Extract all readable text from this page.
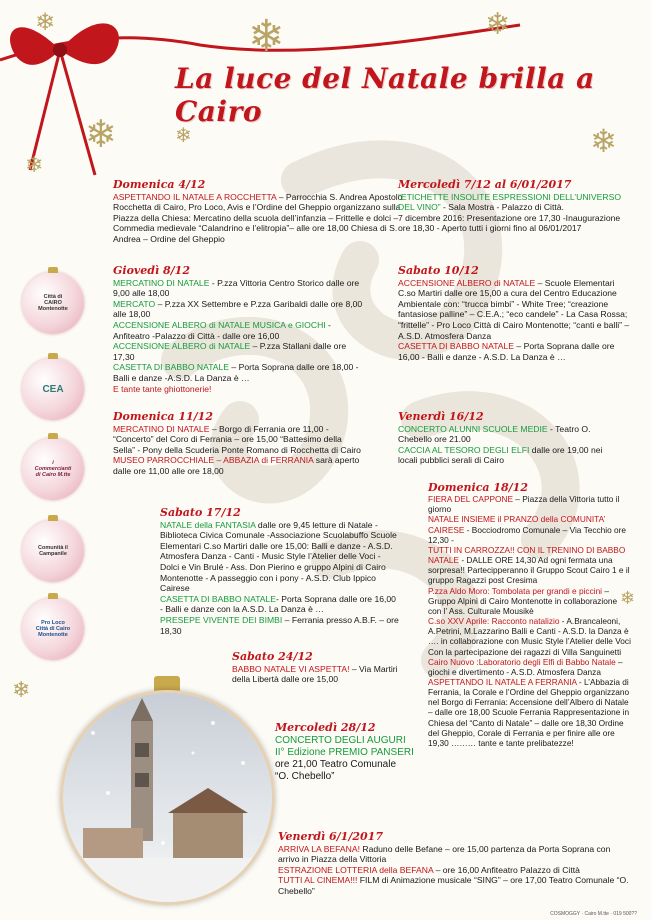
❄
❄
❄
❄
❄
❄
❄
❄
❄
La luce del Natale brilla a Cairo
Città di CAIRO Montenotte
CEA
i Commercianti di Cairo M.tte
Comunità il Campanile
Pro Loco Città di Cairo Montenotte
Domenica 4/12

ASPETTANDO IL NATALE A ROCCHETTA – Parrocchia S. Andrea Apostolo Rocchetta di Cairo, Pro Loco, Avis e l’Ordine del Gheppio organizzano sulla Piazza della Chiesa: Mercatino della scuola dell’infanzia – Frittelle e dolci – Commedia medievale “Calandrino e l’elitropia”– alle ore 18,00 Chiesa di S. Andrea – Ordine del Gheppio

Giovedì 8/12

MERCATINO DI NATALE - P.zza Vittoria Centro Storico dalle ore 9,00 alle 18,00

MERCATO – P.zza XX Settembre e P.zza Garibaldi dalle ore 8,00 alle 18,00

ACCENSIONE ALBERO di NATALE MUSICA e GIOCHI - Anfiteatro -Palazzo di Città - dalle ore 16,00

ACCENSIONE ALBERO di NATALE – P.zza Stallani dalle ore 17,30

CASETTA DI BABBO NATALE – Porta Soprana dalle ore 18,00 - Balli e danze -A.S.D. La Danza è …

E tante tante ghiottonerie!

Domenica 11/12

MERCATINO DI NATALE – Borgo di Ferrania ore 11,00 - “Concerto” del Coro di Ferrania – ore 15,00 “Battesimo della Sella” - Pony della Scuderia Ponte Romano di Rocchetta di Cairo

MUSEO PARROCCHIALE – ABBAZIA di FERRANIA sarà aperto dalle ore 11,00 alle ore 18,00

Sabato 17/12

NATALE della FANTASIA dalle ore 9,45 letture di Natale - Biblioteca Civica Comunale -Associazione Scuolabuffo Scuole Elementari C.so Martiri dalle ore 15,00: Balli e danze - A.S.D. Atmosfera Danza - Canti - Music Style l’Atelier delle Voci - Dolci e Vin Brulé - Ass. Don Pierino e gruppo Alpini di Cairo Montenotte - A passeggio con i pony - A.S.D. Club Ippico Cairese

CASETTA DI BABBO NATALE- Porta Soprana dalle ore 16,00 - Balli e danze con la A.S.D. La Danza è …

PRESEPE VIVENTE DEI BIMBI – Ferrania presso A.B.F. – ore 18,30

Sabato 24/12

BABBO NATALE VI ASPETTA! – Via Martiri della Libertà dalle ore 15,00

Mercoledì 28/12

CONCERTO DEGLI AUGURI

II° Edizione PREMIO PANSERI

ore 21,00 Teatro Comunale

“O. Chebello”

Venerdì 6/1/2017

ARRIVA LA BEFANA! Raduno delle Befane – ore 15,00 partenza da Porta Soprana con arrivo in Piazza della Vittoria

ESTRAZIONE LOTTERIA della BEFANA – ore 16,00 Anfiteatro Palazzo di Città

TUTTI AL CINEMA!!! FILM di Animazione musicale “SING” – ore 17,00 Teatro Comunale “O. Chebello”

Mercoledì 7/12 al 6/01/2017

“ETICHETTE INSOLITE ESPRESSIONI DELL’UNIVERSO DEL VINO” - Sala Mostra - Palazzo di Città.

7 dicembre 2016: Presentazione ore 17,30 -Inaugurazione ore 18,30 - Aperto tutti i giorni fino al 06/01/2017

Sabato 10/12

ACCENSIONE ALBERO di NATALE – Scuole Elementari C.so Martiri dalle ore 15,00 a cura del Centro Educazione Ambientale con: “trucca bimbi” - White Tree; “creazione fantasiose palline” – C.E.A.; “eco candele” - La Casa Rossa;

“frittelle” - Pro Loco Città di Cairo Montenotte; “canti e balli” – A.S.D. Atmosfera Danza

CASETTA DI BABBO NATALE – Porta Soprana dalle ore 16,00 - Balli e danze - A.S.D. La Danza è …

Venerdì 16/12

CONCERTO ALUNNI SCUOLE MEDIE - Teatro O. Chebello ore 21.00

CACCIA AL TESORO DEGLI ELFI dalle ore 19,00 nei locali pubblici serali di Cairo

Domenica 18/12

FIERA DEL CAPPONE – Piazza della Vittoria tutto il giorno

NATALE INSIEME il PRANZO della COMUNITA’ CAIRESE - Bocciodromo Comunale – Via Tecchio ore 12,30 -

TUTTI IN CARROZZA!! CON IL TRENINO DI BABBO NATALE - DALLE ORE 14,30 Ad ogni fermata una sorpresa!! Partecipperanno il Gruppo Scout Cairo 1 e il gruppo Ragazzi post Cresima

P.zza Aldo Moro: Tombolata per grandi e piccini – Gruppo Alpini di Cairo Montenotte in collaborazione con l’ Ass. Culturale Mousikè

C.so XXV Aprile: Racconto natalizio - A.Brancaleoni, A.Petrini, M.Lazzarino Balli e Canti - A.S.D. la Danza è …. in collaborazione con Music Style l’Atelier delle Voci Con la partecipazione dei ragazzi di Villa Sanguinetti

Cairo Nuovo :Laboratorio degli Elfi di Babbo Natale – giochi e divertimento - A.S.D. Atmosfera Danza

ASPETTANDO IL NATALE A FERRANIA - L’Abbazia di Ferrania, la Corale e l’Ordine del Gheppio organizzano nel Borgo di Ferrania: Accensione dell’Albero di Natale – dalle ore 18,00 Scuole Ferrania Rappresentazione in Chiesa del “Canto di Natale” – dalle ore 18,30 Ordine del Gheppio, Corale di Ferrania e per finire alle ore 19,30 ……… tante e tante prelibatezze!

COSMOGGY · Cairo M.tte · 019 500??
